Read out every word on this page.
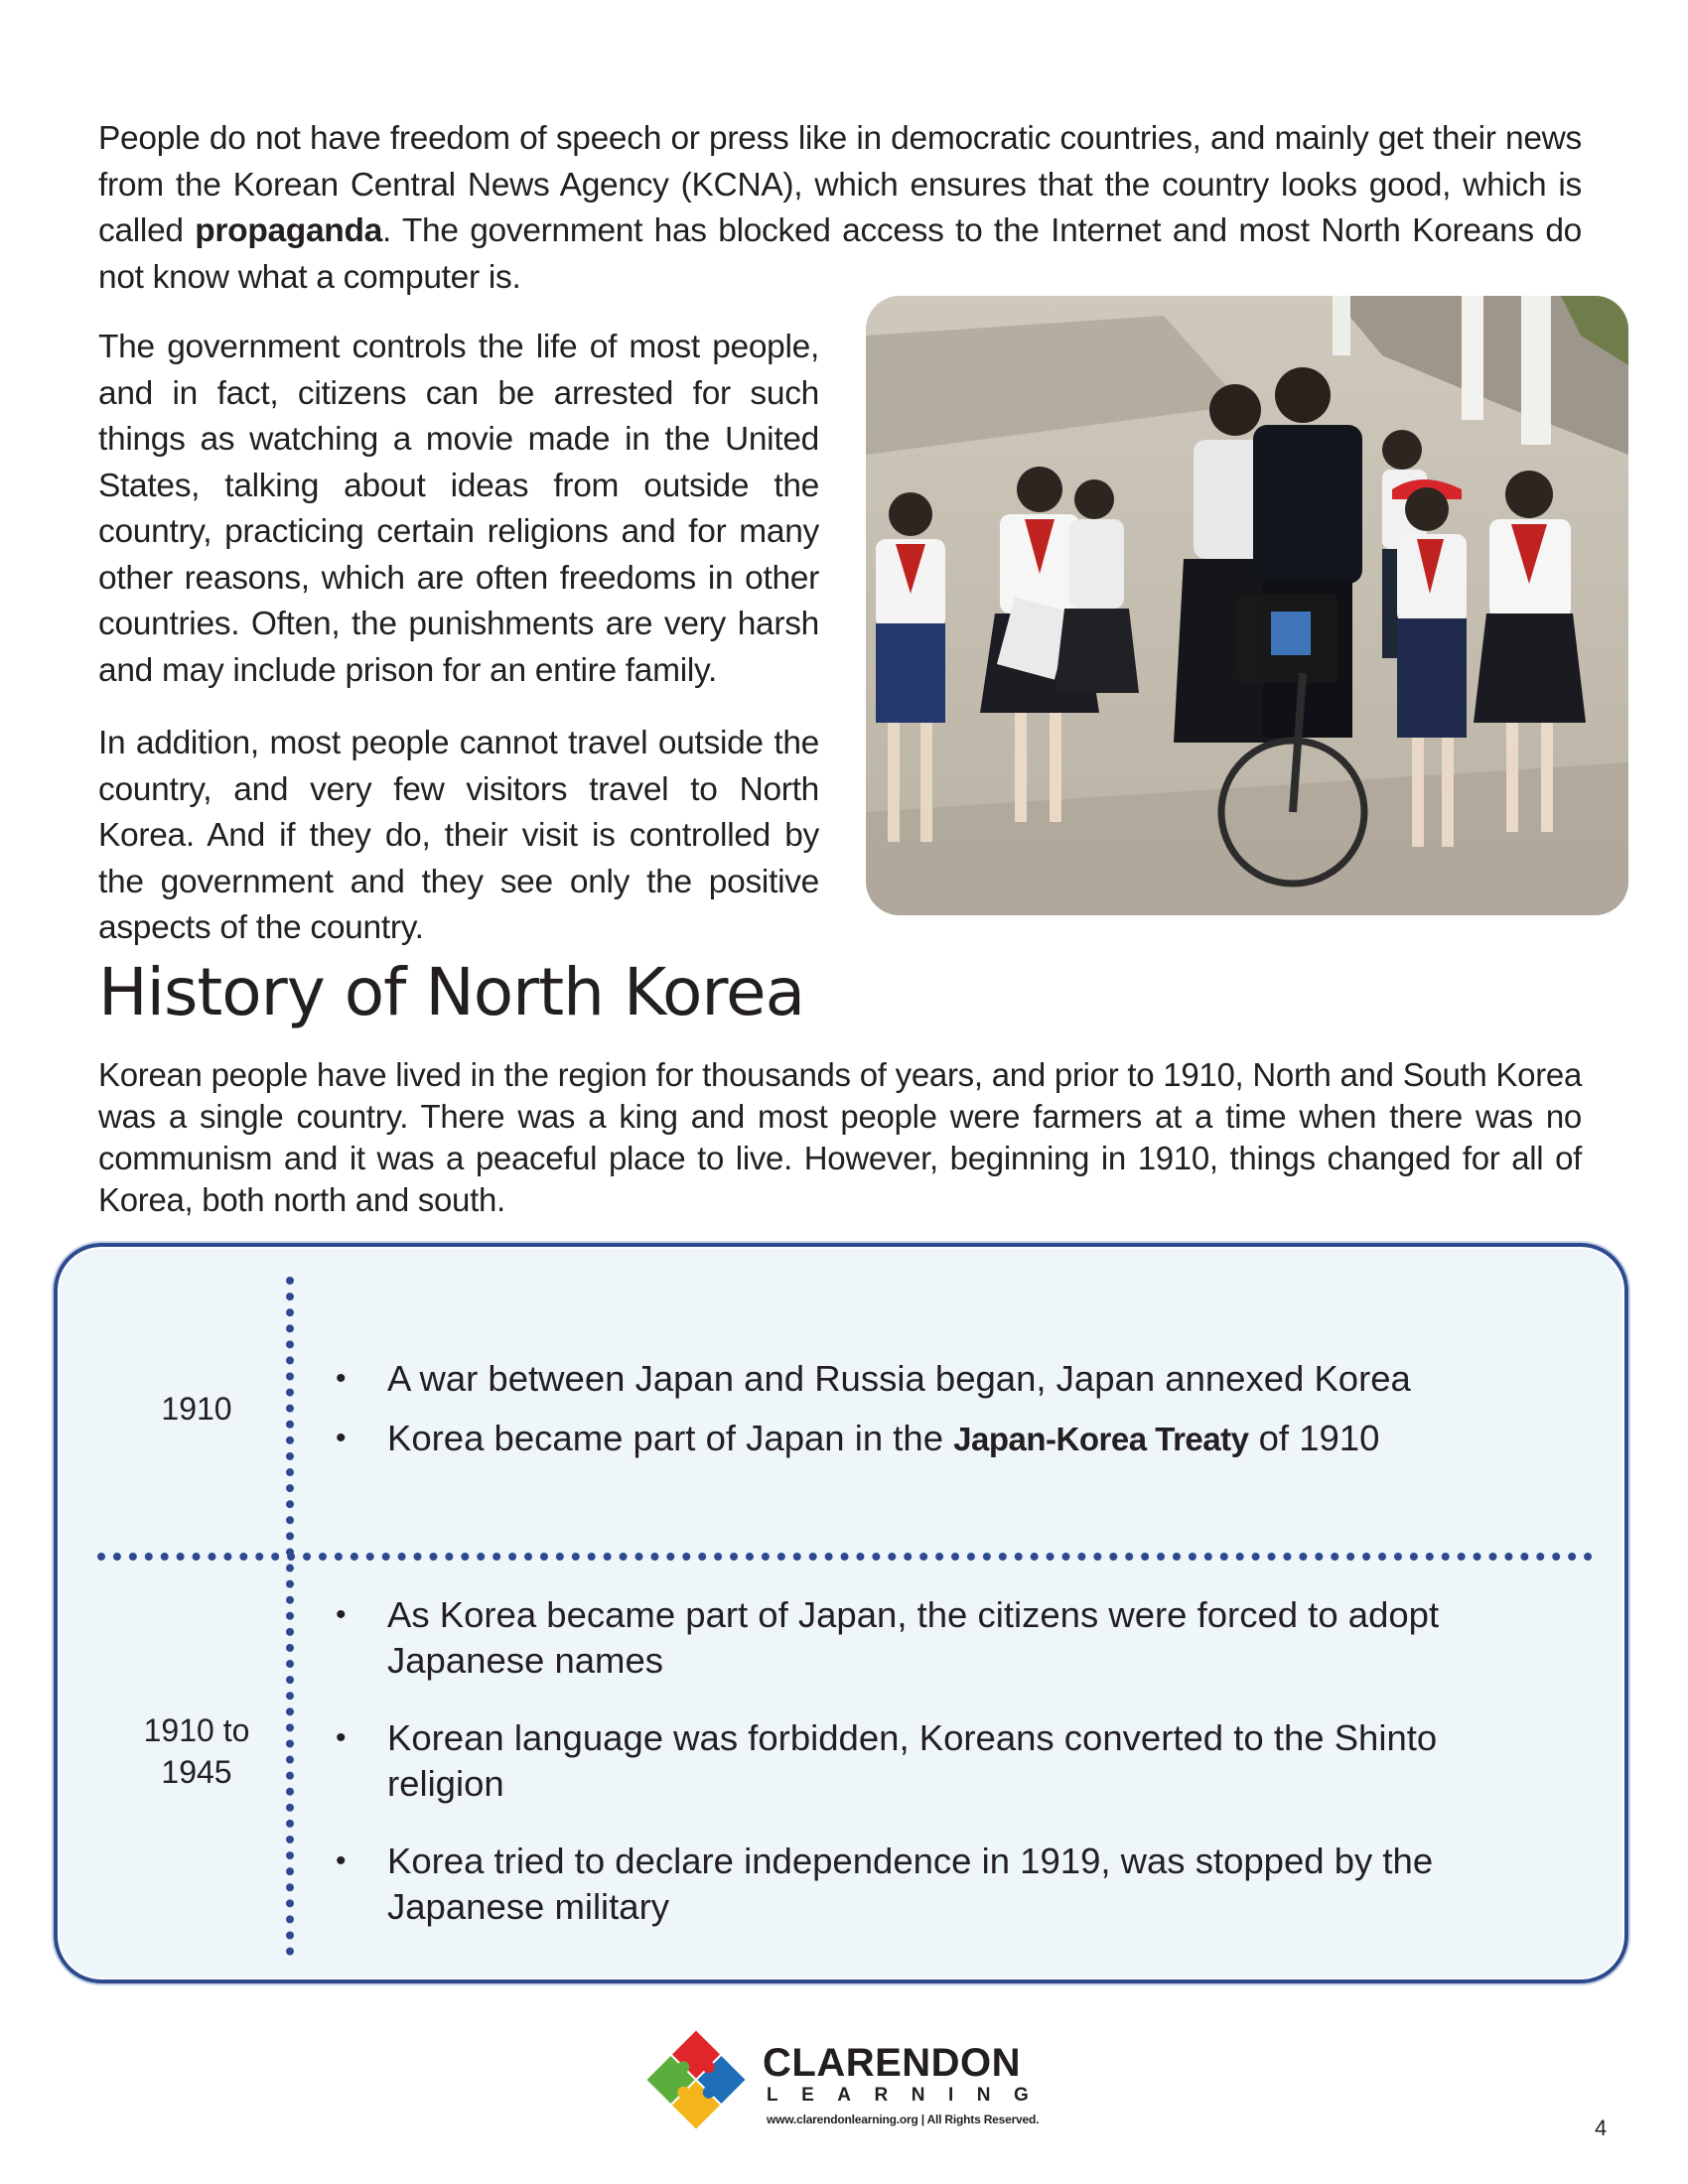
People do not have freedom of speech or press like in democratic countries, and mainly get their news from the Korean Central News Agency (KCNA), which ensures that the country looks good, which is called propaganda. The government has blocked access to the Internet and most North Koreans do not know what a computer is.

The government controls the life of most people, and in fact, citizens can be arrested for such things as watching a movie made in the United States, talking about ideas from outside the country, practicing certain religions and for many other reasons, which are often freedoms in other countries. Often, the punishments are very harsh and may include prison for an entire family.

In addition, most people cannot travel outside the country, and very few visitors travel to North Korea. And if they do, their visit is controlled by the government and they see only the positive aspects of the country.

History of North Korea

Korean people have lived in the region for thousands of years, and prior to 1910, North and South Korea was a single country. There was a king and most people were farmers at a time when there was no communism and it was a peaceful place to live. However, beginning in 1910, things changed for all of Korea, both north and south.

1910
• A war between Japan and Russia began, Japan annexed Korea
• Korea became part of Japan in the Japan-Korea Treaty of 1910
1910 to
1945
• As Korea became part of Japan, the citizens were forced to adopt Japanese names
• Korean language was forbidden, Koreans converted to the Shinto religion
• Korea tried to declare independence in 1919, was stopped by the Japanese military

CLARENDON

LEARNING

www.clarendonlearning.org | All Rights Reserved.	4
